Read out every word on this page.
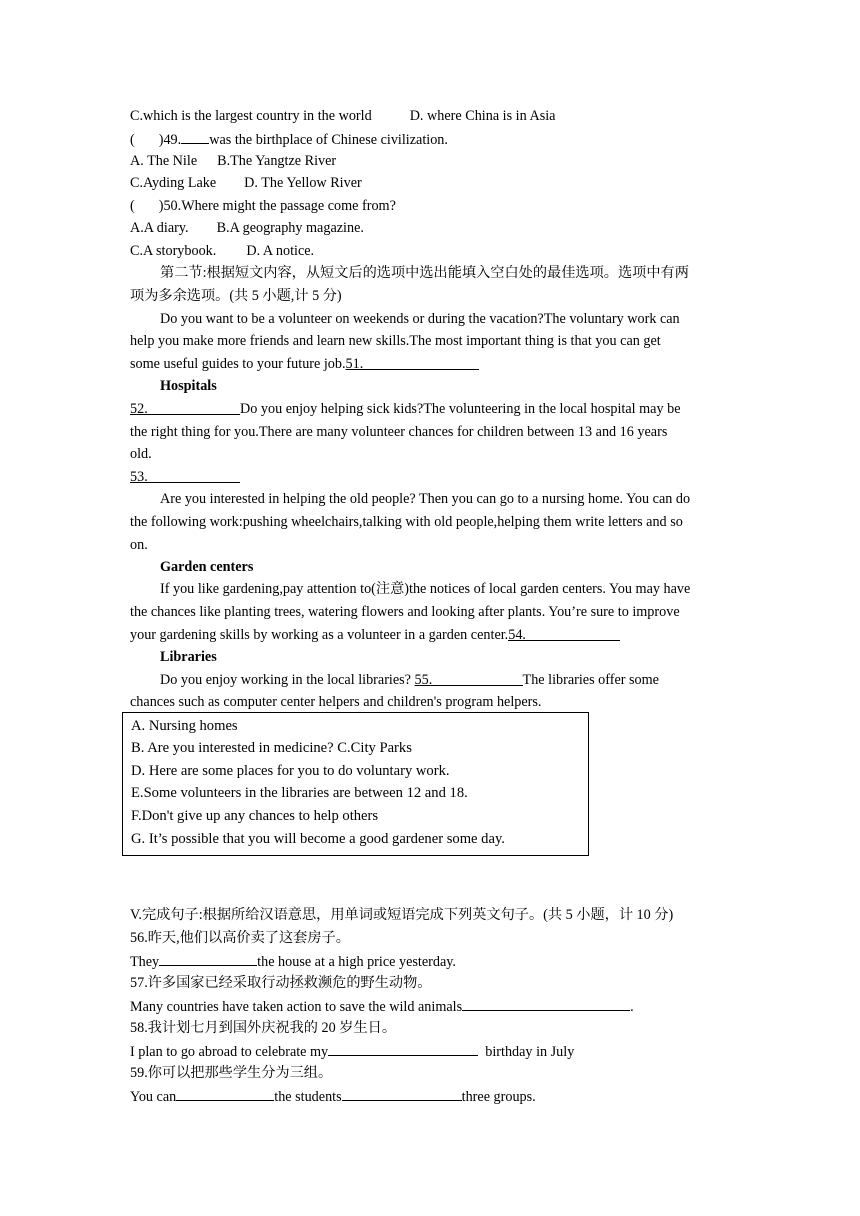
C.which is the largest country in the world	D. where China is in Asia
( )49. was the birthplace of Chinese civilization.
A. The Nile B.The Yangtze River
C.Ayding Lake D. The Yellow River
( )50.Where might the passage come from?
A.A diary. B.A geography magazine.
C.A storybook. D. A notice.
第二节:根据短文内容，从短文后的选项中选出能填入空白处的最佳选项。选项中有两
项为多余选项。(共 5 小题,计 5 分)
Do you want to be a volunteer on weekends or during the vacation?The voluntary work can
help you make more friends and learn new skills.The most important thing is that you can get
some useful guides to your future job.51.
Hospitals
52.	Do you enjoy helping sick kids?The volunteering in the local hospital may be
the right thing for you.There are many volunteer chances for children between 13 and 16 years
old.
53.
Are you interested in helping the old people? Then you can go to a nursing home. You can do
the following work:pushing wheelchairs,talking with old people,helping them write letters and so
on.
Garden centers
If you like gardening,pay attention to(注意)the notices of local garden centers. You may have
the chances like planting trees, watering flowers and looking after plants. You’re sure to improve
your gardening skills by working as a volunteer in a garden center.54.
Libraries
Do you enjoy working in the local libraries? 55.	The libraries offer some
chances such as computer center helpers and children's program helpers.
A. Nursing homes
B. Are you interested in medicine? C.City Parks
D. Here are some places for you to do voluntary work.
E.Some volunteers in the libraries are between 12 and 18.
F.Don't give up any chances to help others
G. It’s possible that you will become a good gardener some day.
V.完成句子:根据所给汉语意思，用单词或短语完成下列英文句子。(共 5 小题，计 10 分)
56.昨天,他们以高价卖了这套房子。
They	the house at a high price yesterday.
57.许多国家已经采取行动拯救濒危的野生动物。
Many countries have taken action to save the wild animals	.
58.我计划七月到国外庆祝我的 20 岁生日。
I plan to go abroad to celebrate my	birthday in July
59.你可以把那些学生分为三组。
You can	the students	three groups.
